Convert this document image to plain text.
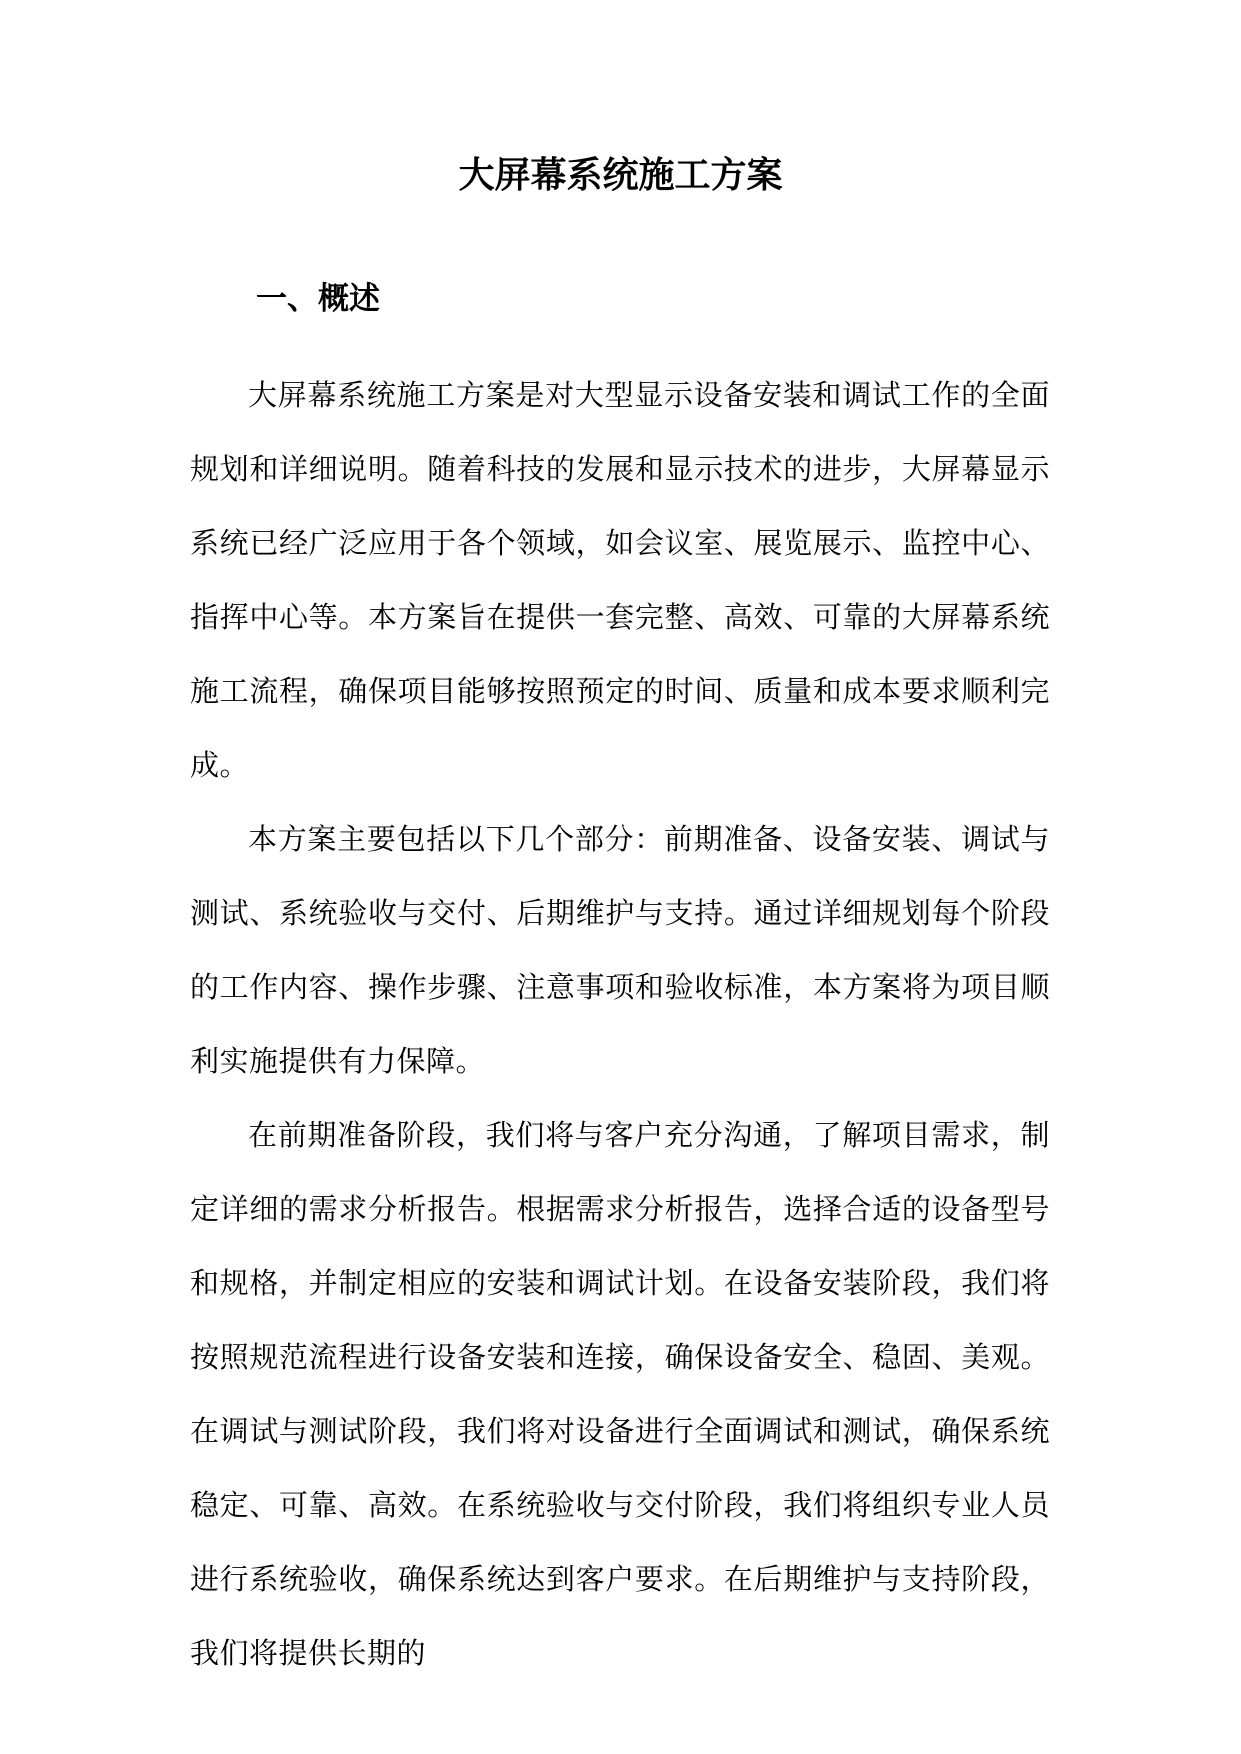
大屏幕系统施工方案
一、概述

大屏幕系统施工方案是对大型显示设备安装和调试工作的全面规划和详细说明。随着科技的发展和显示技术的进步，大屏幕显示系统已经广泛应用于各个领域，如会议室、展览展示、监控中心、指挥中心等。本方案旨在提供一套完整、高效、可靠的大屏幕系统施工流程，确保项目能够按照预定的时间、质量和成本要求顺利完成。

本方案主要包括以下几个部分：前期准备、设备安装、调试与测试、系统验收与交付、后期维护与支持。通过详细规划每个阶段的工作内容、操作步骤、注意事项和验收标准，本方案将为项目顺利实施提供有力保障。

在前期准备阶段，我们将与客户充分沟通，了解项目需求，制定详细的需求分析报告。根据需求分析报告，选择合适的设备型号和规格，并制定相应的安装和调试计划。在设备安装阶段，我们将按照规范流程进行设备安装和连接，确保设备安全、稳固、美观。在调试与测试阶段，我们将对设备进行全面调试和测试，确保系统稳定、可靠、高效。在系统验收与交付阶段，我们将组织专业人员进行系统验收，确保系统达到客户要求。在后期维护与支持阶段，我们将提供长期的
